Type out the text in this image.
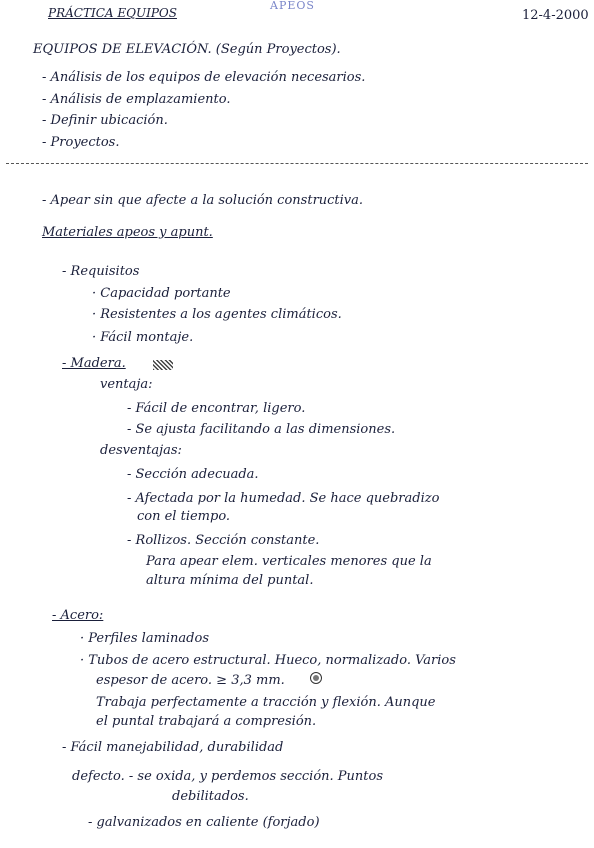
PRÁCTICA EQUIPOS
APEOS
12-4-2000
EQUIPOS DE ELEVACIÓN. (Según Proyectos).
- Análisis de los equipos de elevación necesarios.
- Análisis de emplazamiento.
- Definir ubicación.
- Proyectos.
- Apear sin que afecte a la solución constructiva.
Materiales apeos y apunt.
- Requisitos
· Capacidad portante
· Resistentes a los agentes climáticos.
· Fácil montaje.
- Madera.
ventaja:
- Fácil de encontrar, ligero.
- Se ajusta facilitando a las dimensiones.
desventajas:
- Sección adecuada.
- Afectada por la humedad. Se hace quebradizo
con el tiempo.
- Rollizos. Sección constante.
Para apear elem. verticales menores que la
altura mínima del puntal.
- Acero:
· Perfiles laminados
· Tubos de acero estructural. Hueco, normalizado. Varios
espesor de acero. ≥ 3,3 mm.
Trabaja perfectamente a tracción y flexión. Aunque
el puntal trabajará a compresión.
- Fácil manejabilidad, durabilidad
defecto. - se oxida, y perdemos sección. Puntos
debilitados.
- galvanizados en caliente (forjado)
